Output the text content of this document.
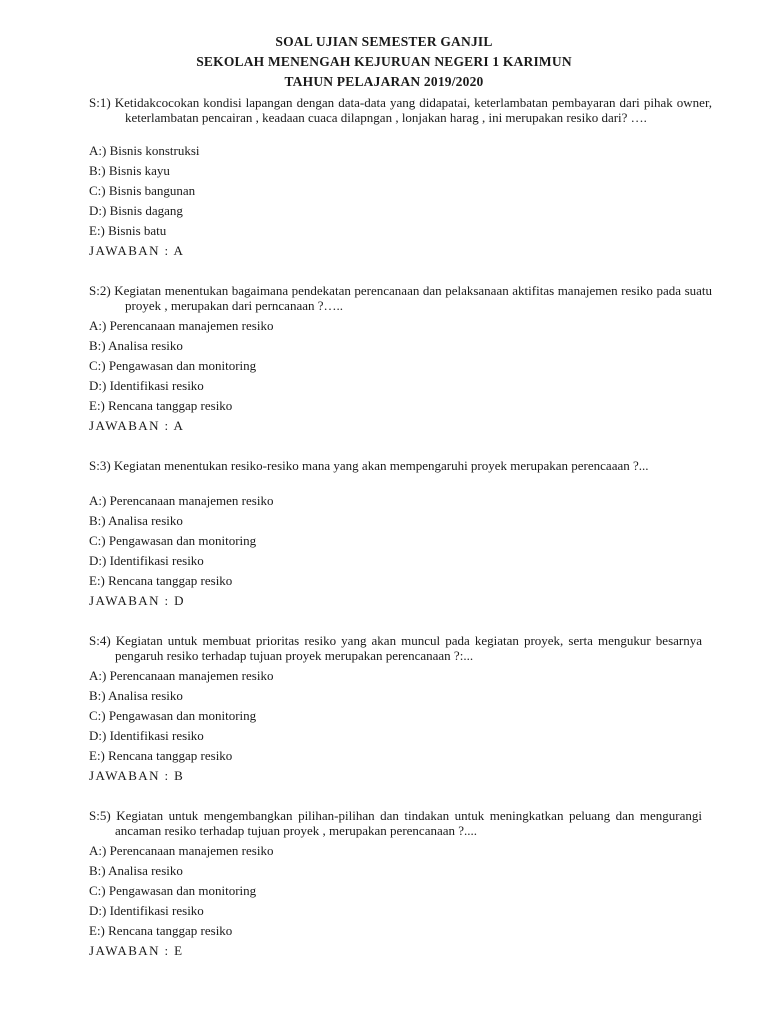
SOAL UJIAN SEMESTER GANJIL
SEKOLAH MENENGAH KEJURUAN NEGERI 1 KARIMUN
TAHUN PELAJARAN 2019/2020
S:1) Ketidakcocokan kondisi lapangan dengan data-data yang didapatai, keterlambatan pembayaran dari pihak owner, keterlambatan pencairan , keadaan cuaca dilapngan , lonjakan harag , ini merupakan resiko dari? ….
A:) Bisnis konstruksi
B:) Bisnis kayu
C:) Bisnis bangunan
D:) Bisnis dagang
E:) Bisnis batu
JAWABAN : A
S:2) Kegiatan menentukan bagaimana pendekatan perencanaan dan pelaksanaan aktifitas manajemen resiko pada suatu proyek , merupakan dari perncanaan ?…..
A:) Perencanaan manajemen resiko
B:) Analisa resiko
C:) Pengawasan dan monitoring
D:) Identifikasi resiko
E:) Rencana tanggap resiko
JAWABAN : A
S:3) Kegiatan menentukan resiko-resiko mana yang akan mempengaruhi proyek merupakan perencaaan ?...
A:) Perencanaan manajemen resiko
B:) Analisa resiko
C:) Pengawasan dan monitoring
D:) Identifikasi resiko
E:) Rencana tanggap resiko
JAWABAN : D
S:4) Kegiatan untuk membuat prioritas resiko yang akan muncul pada kegiatan proyek, serta mengukur besarnya pengaruh resiko terhadap tujuan proyek merupakan perencanaan ?:...
A:) Perencanaan manajemen resiko
B:) Analisa resiko
C:) Pengawasan dan monitoring
D:) Identifikasi resiko
E:) Rencana tanggap resiko
JAWABAN : B
S:5) Kegiatan untuk mengembangkan pilihan-pilihan dan tindakan untuk meningkatkan peluang dan mengurangi ancaman resiko terhadap tujuan proyek , merupakan perencanaan ?....
A:) Perencanaan manajemen resiko
B:) Analisa resiko
C:) Pengawasan dan monitoring
D:) Identifikasi resiko
E:) Rencana tanggap resiko
JAWABAN : E
